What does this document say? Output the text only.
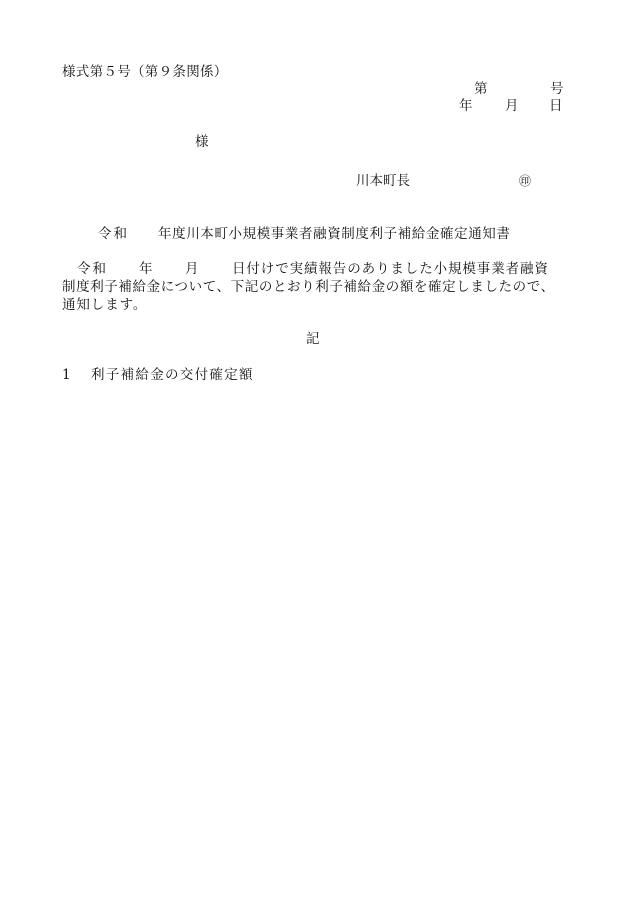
様式第５号（第９条関係）
第	号
年 月 日
様
川本町長	㊞
令和 年度川本町小規模事業者融資制度利子補給金確定通知書
令和 年 月 日付けで実績報告のありました小規模事業者融資
制度利子補給金について、下記のとおり利子補給金の額を確定しましたので、
通知します。
記
1 利子補給金の交付確定額
